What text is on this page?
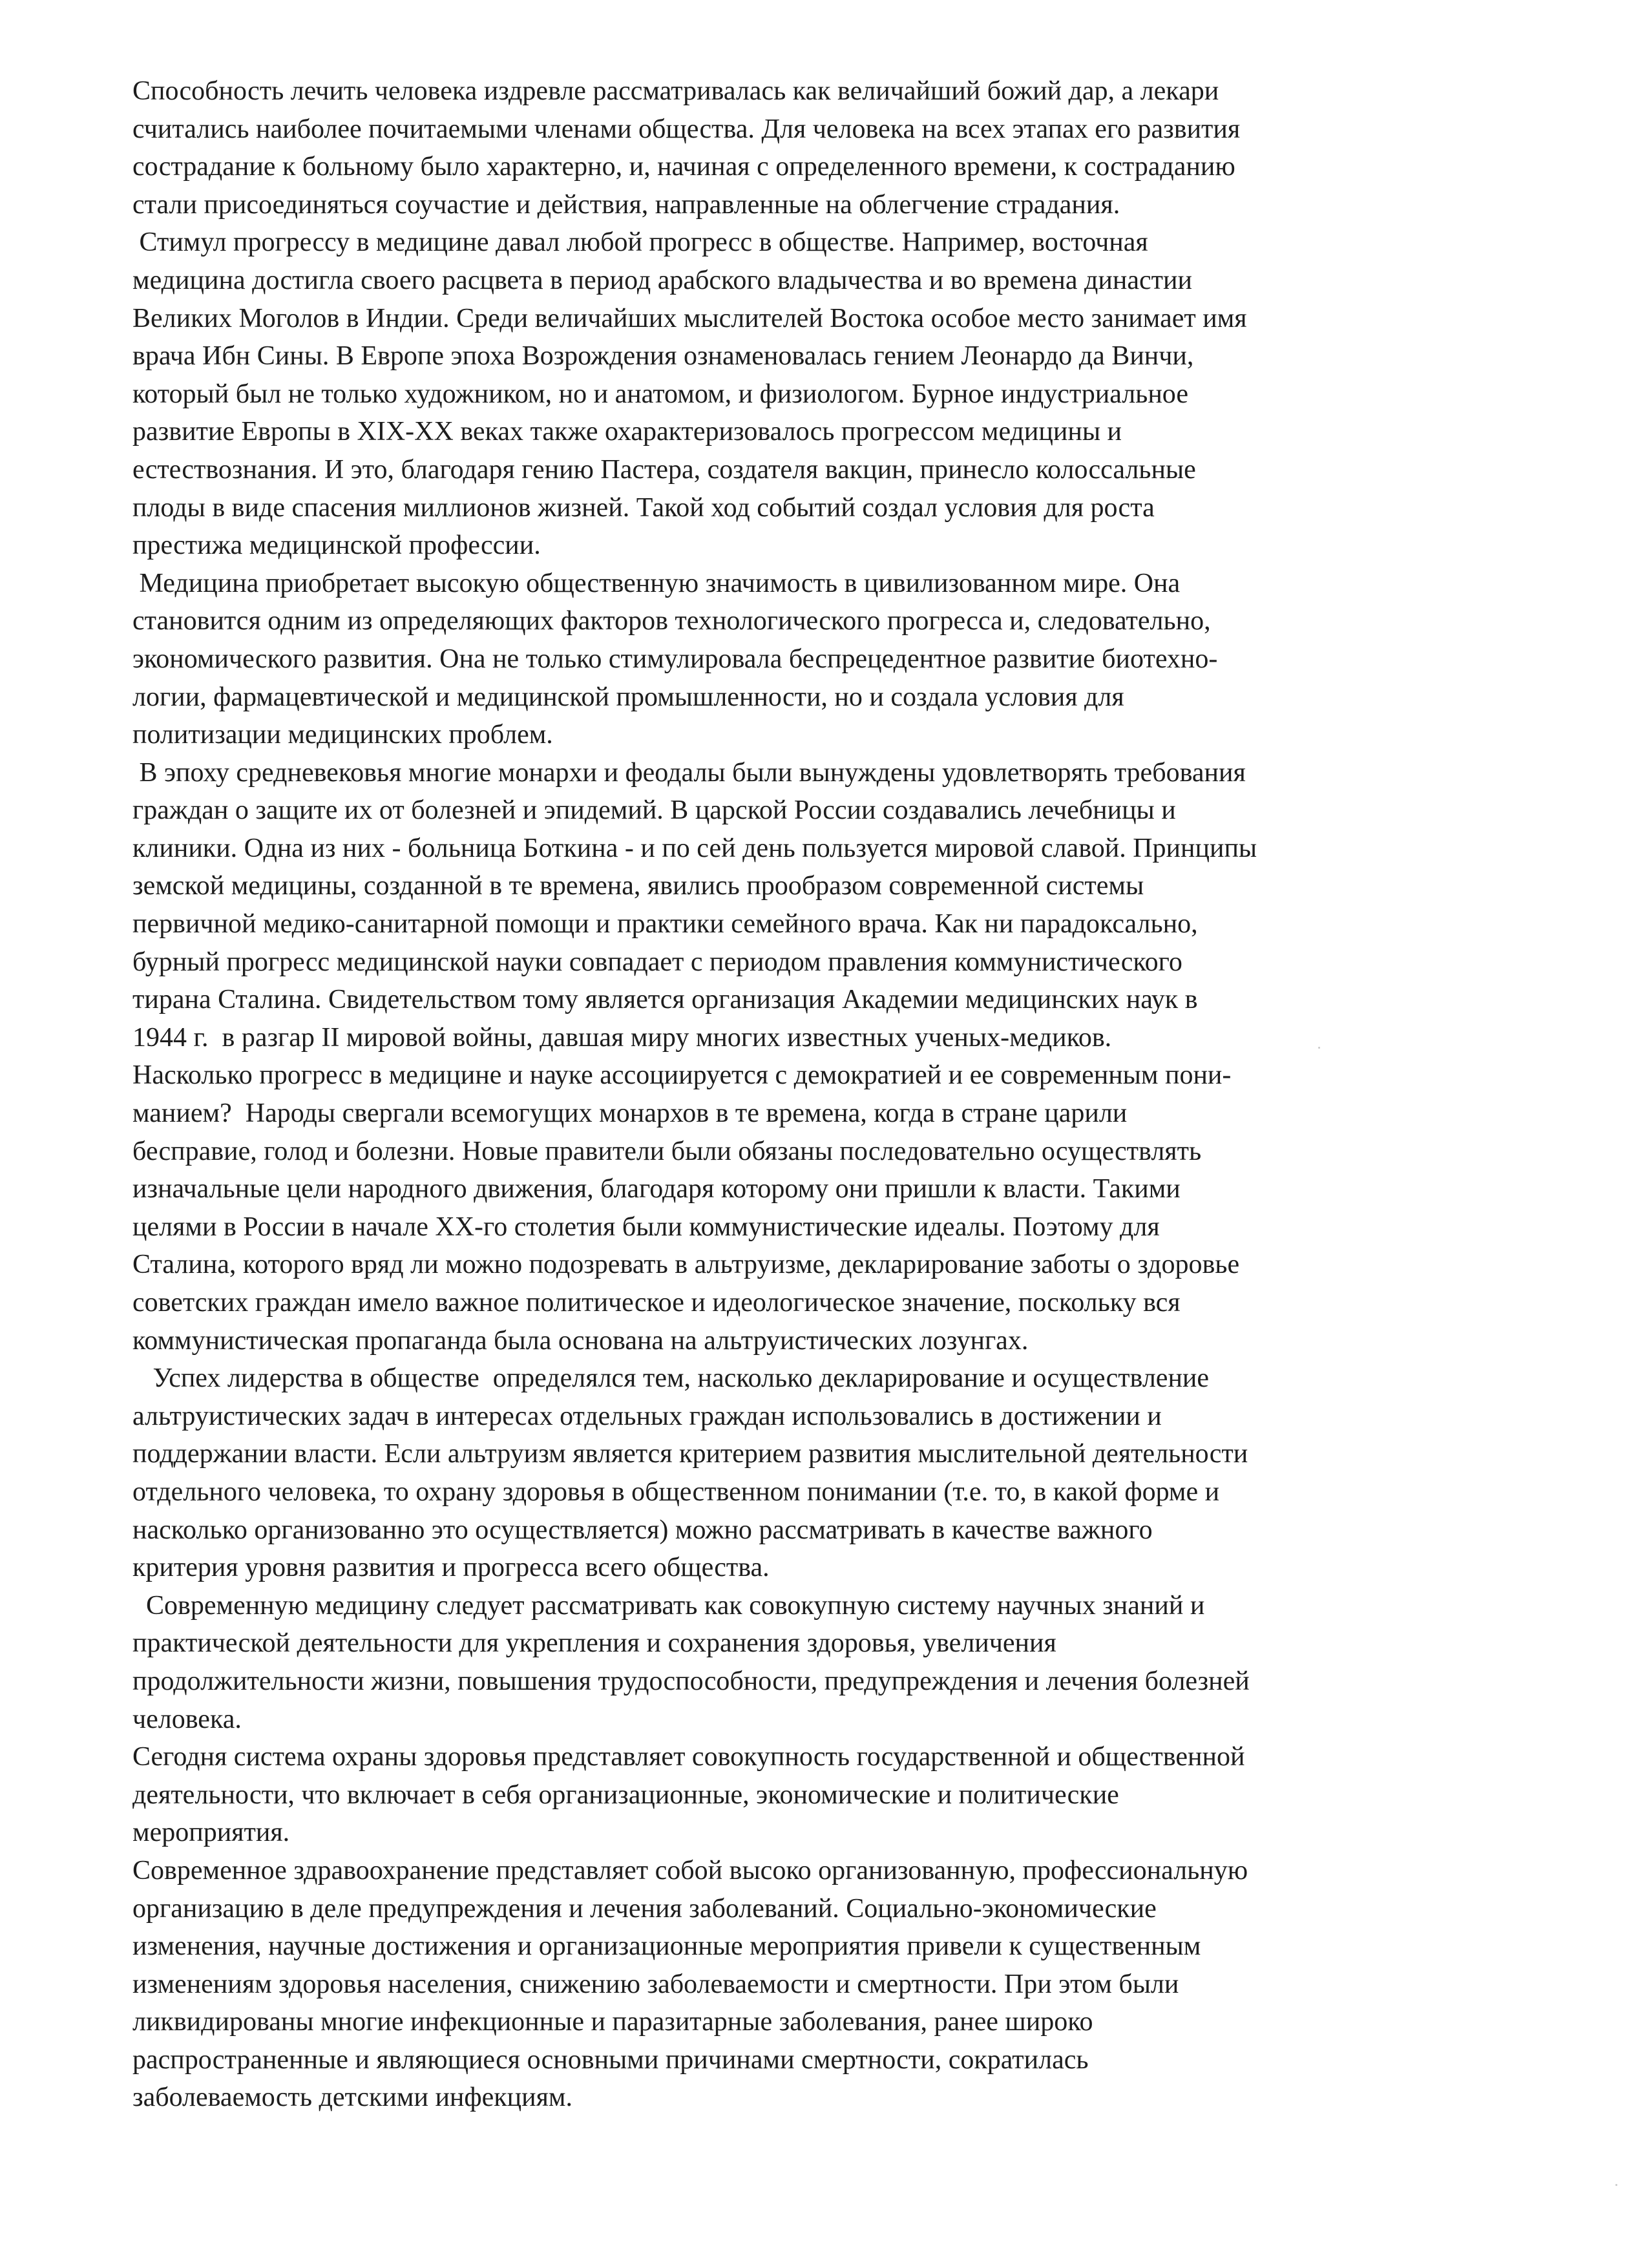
Способность лечить человека издревле рассматривалась как величайший божий дар, а лекари
считались наиболее почитаемыми членами общества. Для человека на всех этапах его развития
сострадание к больному было характерно, и, начиная с определенного времени, к состраданию
стали присоединяться соучастие и действия, направленные на облегчение страдания.
Стимул прогрессу в медицине давал любой прогресс в обществе. Например, восточная
медицина достигла своего расцвета в период арабского владычества и во времена династии
Великих Моголов в Индии. Среди величайших мыслителей Востока особое место занимает имя
врача Ибн Сины. В Европе эпоха Возрождения ознаменовалась гением Леонардо да Винчи,
который был не только художником, но и анатомом, и физиологом. Бурное индустриальное
развитие Европы в XIX-XX веках также охарактеризовалось прогрессом медицины и
естествознания. И это, благодаря гению Пастера, создателя вакцин, принесло колоссальные
плоды в виде спасения миллионов жизней. Такой ход событий создал условия для роста
престижа медицинской профессии.
Медицина приобретает высокую общественную значимость в цивилизованном мире. Она
становится одним из определяющих факторов технологического прогресса и, следовательно,
экономического развития. Она не только стимулировала беспрецедентное развитие биотехно-
логии, фармацевтической и медицинской промышленности, но и создала условия для
политизации медицинских проблем.
В эпоху средневековья многие монархи и феодалы были вынуждены удовлетворять требования
граждан о защите их от болезней и эпидемий. В царской России создавались лечебницы и
клиники. Одна из них - больница Боткина - и по сей день пользуется мировой славой. Принципы
земской медицины, созданной в те времена, явились прообразом современной системы
первичной медико-санитарной помощи и практики семейного врача. Как ни парадоксально,
бурный прогресс медицинской науки совпадает с периодом правления коммунистического
тирана Сталина. Свидетельством тому является организация Академии медицинских наук в
1944 г.  в разгар II мировой войны, давшая миру многих известных ученых-медиков.
Насколько прогресс в медицине и науке ассоциируется с демократией и ее современным пони-
манием?  Народы свергали всемогущих монархов в те времена, когда в стране царили
бесправие, голод и болезни. Новые правители были обязаны последовательно осуществлять
изначальные цели народного движения, благодаря которому они пришли к власти. Такими
целями в России в начале XX-го столетия были коммунистические идеалы. Поэтому для
Сталина, которого вряд ли можно подозревать в альтруизме, декларирование заботы о здоровье
советских граждан имело важное политическое и идеологическое значение, поскольку вся
коммунистическая пропаганда была основана на альтруистических лозунгах.
Успех лидерства в обществе  определялся тем, насколько декларирование и осуществление
альтруистических задач в интересах отдельных граждан использовались в достижении и
поддержании власти. Если альтруизм является критерием развития мыслительной деятельности
отдельного человека, то охрану здоровья в общественном понимании (т.е. то, в какой форме и
насколько организованно это осуществляется) можно рассматривать в качестве важного
критерия уровня развития и прогресса всего общества.
Современную медицину следует рассматривать как совокупную систему научных знаний и
практической деятельности для укрепления и сохранения здоровья, увеличения
продолжительности жизни, повышения трудоспособности, предупреждения и лечения болезней
человека.
Сегодня система охраны здоровья представляет совокупность государственной и общественной
деятельности, что включает в себя организационные, экономические и политические
мероприятия.
Современное здравоохранение представляет собой высоко организованную, профессиональную
организацию в деле предупреждения и лечения заболеваний. Социально-экономические
изменения, научные достижения и организационные мероприятия привели к существенным
изменениям здоровья населения, снижению заболеваемости и смертности. При этом были
ликвидированы многие инфекционные и паразитарные заболевания, ранее широко
распространенные и являющиеся основными причинами смертности, сократилась
заболеваемость детскими инфекциям.
